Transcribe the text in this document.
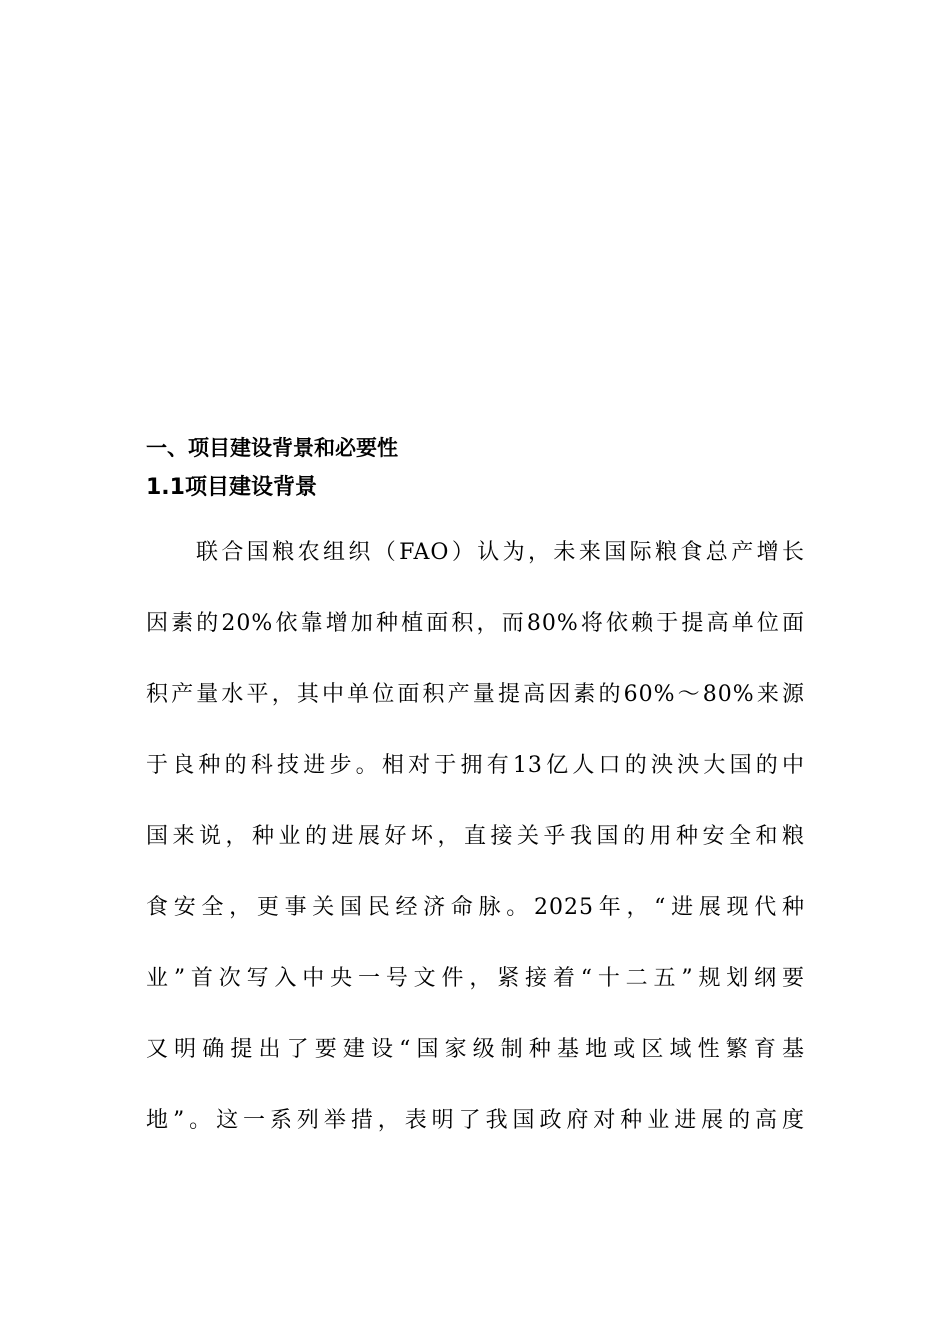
一、项目建设背景和必要性
1.1项目建设背景
联合国粮农组织（FAO）认为，未来国际粮食总产增长
因素的20%依靠增加种植面积，而80%将依赖于提高单位面
积产量水平，其中单位面积产量提高因素的60%～80%来源
于良种的科技进步。相对于拥有13亿人口的泱泱大国的中
国来说，种业的进展好坏，直接关乎我国的用种安全和粮
食安全，更事关国民经济命脉。2025年，“进展现代种
业”首次写入中央一号文件，紧接着“十二五”规划纲要
又明确提出了要建设“国家级制种基地或区域性繁育基
地”。这一系列举措，表明了我国政府对种业进展的高度
